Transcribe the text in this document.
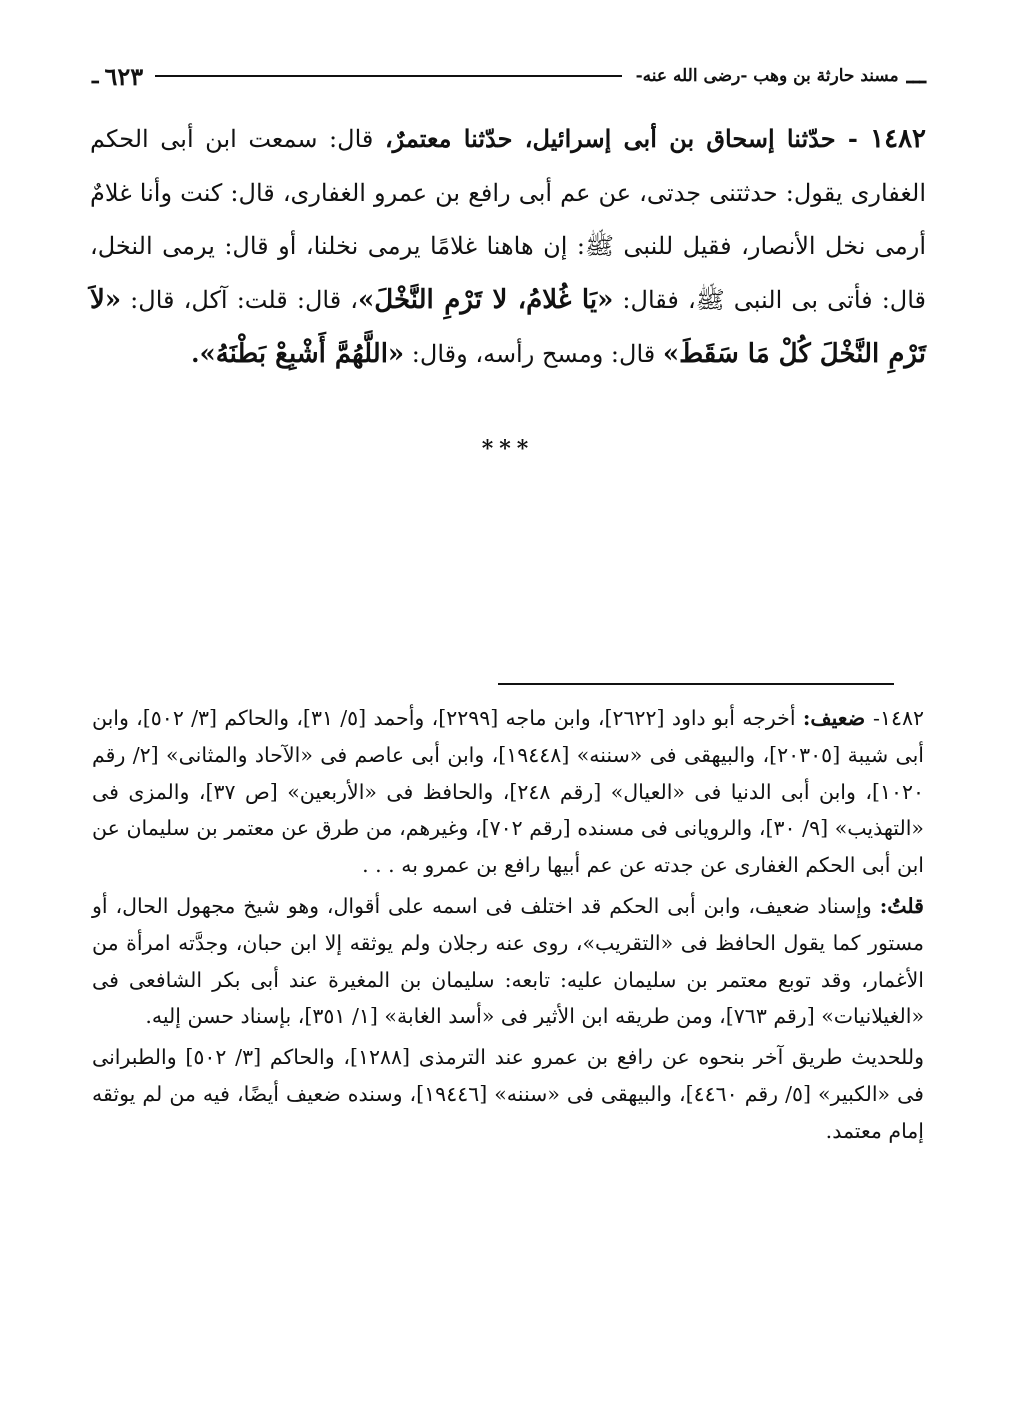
ـــ
مسند حارثة بن وهب -رضى الله عنه-
٦٢٣
ـ
١٤٨٢ - حدّثنا إسحاق بن أبى إسرائيل، حدّثنا معتمرٌ، قال: سمعت ابن أبى الحكم الغفارى يقول: حدثتنى جدتى، عن عم أبى رافع بن عمرو الغفارى، قال: كنت وأنا غلامٌ أرمى نخل الأنصار، فقيل للنبى ﷺ: إن هاهنا غلامًا يرمى نخلنا، أو قال: يرمى النخل، قال: فأتى بى النبى ﷺ، فقال: «يَا غُلامُ، لا تَرْمِ النَّخْلَ»، قال: قلت: آكل، قال: «لاَ تَرْمِ النَّخْلَ كُلْ مَا سَقَطَ» قال: ومسح رأسه، وقال: «اللَّهُمَّ أَشْبِعْ بَطْنَهُ».
***

١٤٨٢- ضعيف: أخرجه أبو داود [٢٦٢٢]، وابن ماجه [٢٢٩٩]، وأحمد [٥/ ٣١]، والحاكم [٣/ ٥٠٢]، وابن أبى شيبة [٢٠٣٠٥]، والبيهقى فى «سننه» [١٩٤٤٨]، وابن أبى عاصم فى «الآحاد والمثانى» [٢/ رقم ١٠٢٠]، وابن أبى الدنيا فى «العيال» [رقم ٢٤٨]، والحافظ فى «الأربعين» [ص ٣٧]، والمزى فى «التهذيب» [٩/ ٣٠]، والرويانى فى مسنده [رقم ٧٠٢]، وغيرهم، من طرق عن معتمر بن سليمان عن ابن أبى الحكم الغفارى عن جدته عن عم أبيها رافع بن عمرو به . . .

قلتُ: وإسناد ضعيف، وابن أبى الحكم قد اختلف فى اسمه على أقوال، وهو شيخ مجهول الحال، أو مستور كما يقول الحافظ فى «التقريب»، روى عنه رجلان ولم يوثقه إلا ابن حبان، وجدَّته امرأة من الأغمار، وقد توبع معتمر بن سليمان عليه: تابعه: سليمان بن المغيرة عند أبى بكر الشافعى فى «الغيلانيات» [رقم ٧٦٣]، ومن طريقه ابن الأثير فى «أسد الغابة» [١/ ٣٥١]، بإسناد حسن إليه.

وللحديث طريق آخر بنحوه عن رافع بن عمرو عند الترمذى [١٢٨٨]، والحاكم [٣/ ٥٠٢] والطبرانى فى «الكبير» [٥/ رقم ٤٤٦٠]، والبيهقى فى «سننه» [١٩٤٤٦]، وسنده ضعيف أيضًا، فيه من لم يوثقه إمام معتمد.
